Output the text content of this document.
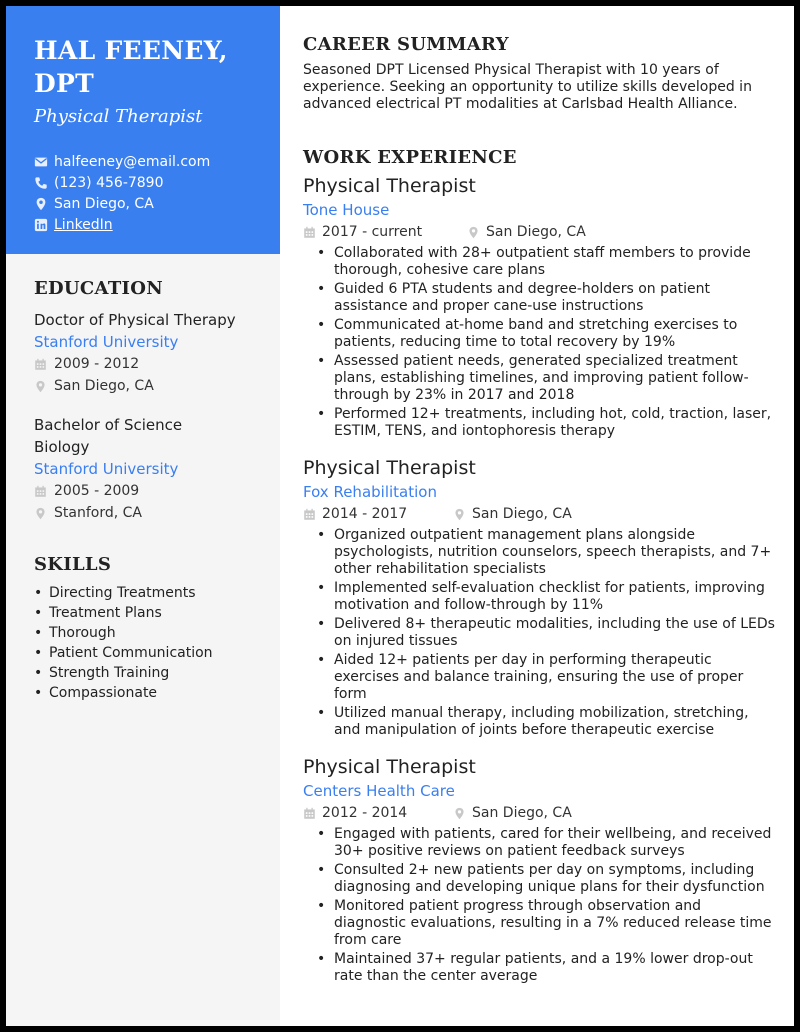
HAL FEENEY,
DPT
Physical Therapist
halfeeney@email.com
(123) 456-7890
San Diego, CA
LinkedIn
EDUCATION
Doctor of Physical Therapy
Stanford University
2009 - 2012
San Diego, CA
Bachelor of Science
Biology
Stanford University
2005 - 2009
Stanford, CA
SKILLS
• Directing Treatments
• Treatment Plans
• Thorough
• Patient Communication
• Strength Training
• Compassionate
CAREER SUMMARY
Seasoned DPT Licensed Physical Therapist with 10 years of experience. Seeking an opportunity to utilize skills developed in advanced electrical PT modalities at Carlsbad Health Alliance.
WORK EXPERIENCE
Physical Therapist
Tone House
2017 - current	San Diego, CA
• Collaborated with 28+ outpatient staff members to provide thorough, cohesive care plans
• Guided 6 PTA students and degree-holders on patient assistance and proper cane-use instructions
• Communicated at-home band and stretching exercises to patients, reducing time to total recovery by 19%
• Assessed patient needs, generated specialized treatment plans, establishing timelines, and improving patient follow-through by 23% in 2017 and 2018
• Performed 12+ treatments, including hot, cold, traction, laser, ESTIM, TENS, and iontophoresis therapy
Physical Therapist
Fox Rehabilitation
2014 - 2017	San Diego, CA
• Organized outpatient management plans alongside psychologists, nutrition counselors, speech therapists, and 7+ other rehabilitation specialists
• Implemented self-evaluation checklist for patients, improving motivation and follow-through by 11%
• Delivered 8+ therapeutic modalities, including the use of LEDs on injured tissues
• Aided 12+ patients per day in performing therapeutic exercises and balance training, ensuring the use of proper form
• Utilized manual therapy, including mobilization, stretching, and manipulation of joints before therapeutic exercise
Physical Therapist
Centers Health Care
2012 - 2014	San Diego, CA
• Engaged with patients, cared for their wellbeing, and received 30+ positive reviews on patient feedback surveys
• Consulted 2+ new patients per day on symptoms, including diagnosing and developing unique plans for their dysfunction
• Monitored patient progress through observation and diagnostic evaluations, resulting in a 7% reduced release time from care
• Maintained 37+ regular patients, and a 19% lower drop-out rate than the center average
